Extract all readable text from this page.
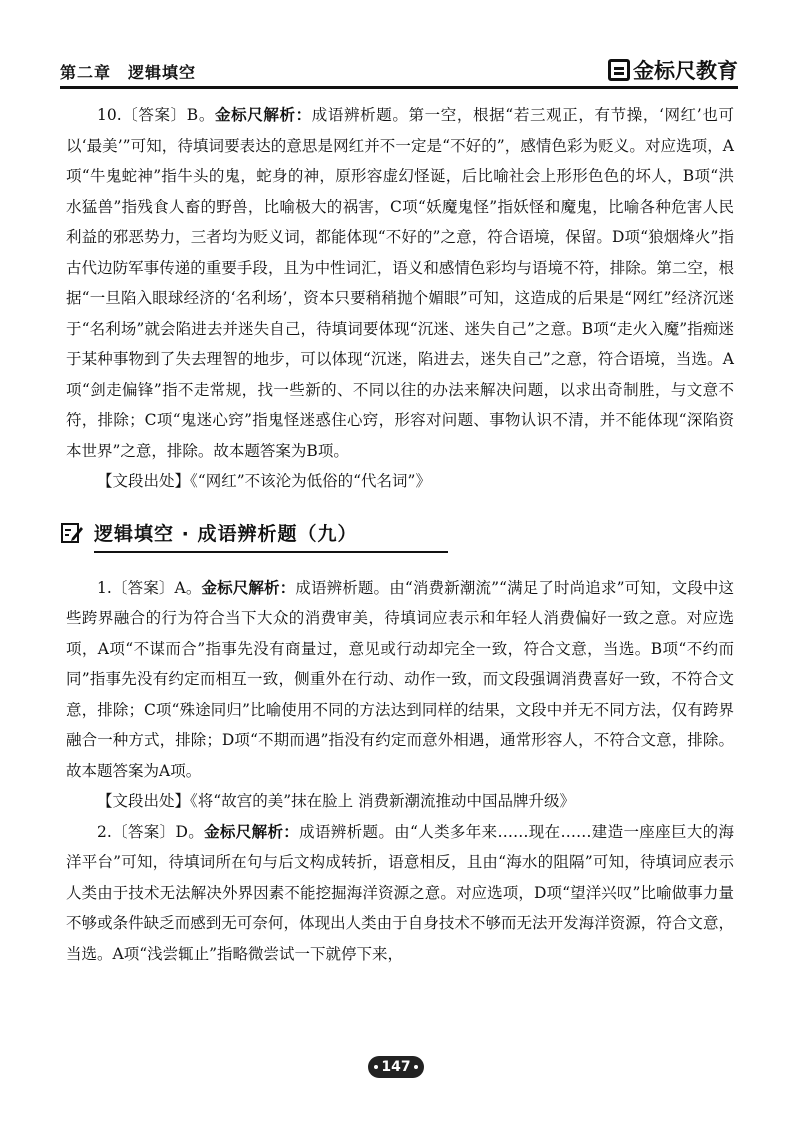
第二章　逻辑填空	金标尺教育

10.〔答案〕B。金标尺解析：成语辨析题。第一空，根据“若三观正，有节操，‘网红’也可以‘最美’”可知，待填词要表达的意思是网红并不一定是“不好的”，感情色彩为贬义。对应选项，A项“牛鬼蛇神”指牛头的鬼，蛇身的神，原形容虚幻怪诞，后比喻社会上形形色色的坏人，B项“洪水猛兽”指残食人畜的野兽，比喻极大的祸害，C项“妖魔鬼怪”指妖怪和魔鬼，比喻各种危害人民利益的邪恶势力，三者均为贬义词，都能体现“不好的”之意，符合语境，保留。D项“狼烟烽火”指古代边防军事传递的重要手段，且为中性词汇，语义和感情色彩均与语境不符，排除。第二空，根据“一旦陷入眼球经济的‘名利场’，资本只要稍稍抛个媚眼”可知，这造成的后果是“网红”经济沉迷于“名利场”就会陷进去并迷失自己，待填词要体现“沉迷、迷失自己”之意。B项“走火入魔”指痴迷于某种事物到了失去理智的地步，可以体现“沉迷，陷进去，迷失自己”之意，符合语境，当选。A项“剑走偏锋”指不走常规，找一些新的、不同以往的办法来解决问题，以求出奇制胜，与文意不符，排除；C项“鬼迷心窍”指鬼怪迷惑住心窍，形容对问题、事物认识不清，并不能体现“深陷资本世界”之意，排除。故本题答案为B项。

【文段出处】《“网红”不该沦为低俗的“代名词”》

逻辑填空 · 成语辨析题（九）

1.〔答案〕A。金标尺解析：成语辨析题。由“消费新潮流”“满足了时尚追求”可知，文段中这些跨界融合的行为符合当下大众的消费审美，待填词应表示和年轻人消费偏好一致之意。对应选项，A项“不谋而合”指事先没有商量过，意见或行动却完全一致，符合文意，当选。B项“不约而同”指事先没有约定而相互一致，侧重外在行动、动作一致，而文段强调消费喜好一致，不符合文意，排除；C项“殊途同归”比喻使用不同的方法达到同样的结果，文段中并无不同方法，仅有跨界融合一种方式，排除；D项“不期而遇”指没有约定而意外相遇，通常形容人，不符合文意，排除。故本题答案为A项。

【文段出处】《将“故宫的美”抹在脸上 消费新潮流推动中国品牌升级》

2.〔答案〕D。金标尺解析：成语辨析题。由“人类多年来……现在……建造一座座巨大的海洋平台”可知，待填词所在句与后文构成转折，语意相反，且由“海水的阻隔”可知，待填词应表示人类由于技术无法解决外界因素不能挖掘海洋资源之意。对应选项，D项“望洋兴叹”比喻做事力量不够或条件缺乏而感到无可奈何，体现出人类由于自身技术不够而无法开发海洋资源，符合文意，当选。A项“浅尝辄止”指略微尝试一下就停下来，

147
